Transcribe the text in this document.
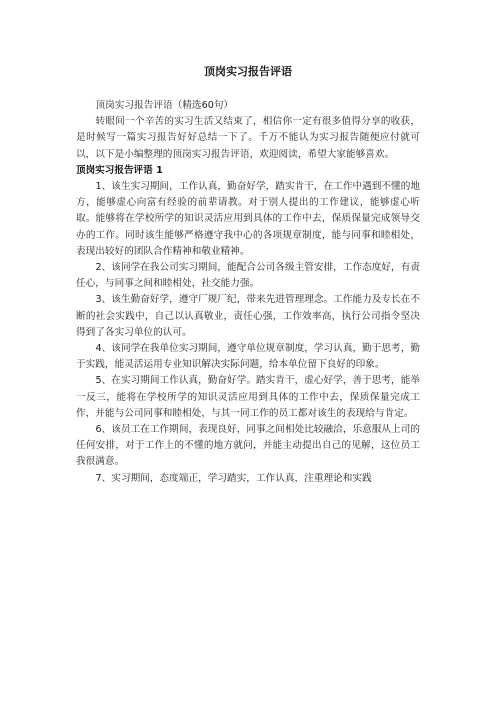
顶岗实习报告评语

顶岗实习报告评语（精选60句）

转眼间一个辛苦的实习生活又结束了，相信你一定有很多值得分享的收获，是时候写一篇实习报告好好总结一下了。千万不能认为实习报告随便应付就可以，以下是小编整理的顶岗实习报告评语，欢迎阅读，希望大家能够喜欢。

顶岗实习报告评语 1

1、该生实习期间，工作认真，勤奋好学，踏实肯干，在工作中遇到不懂的地方，能够虚心向富有经验的前辈请教。对于别人提出的工作建议，能够虚心听取。能够将在学校所学的知识灵活应用到具体的工作中去，保质保量完成领导交办的工作。同时该生能够严格遵守我中心的各项规章制度，能与同事和睦相处，表现出较好的团队合作精神和敬业精神。

2、该同学在我公司实习期间，能配合公司各级主管安排，工作态度好，有责任心，与同事之间和睦相处，社交能力强。

3、该生勤奋好学，遵守厂规厂纪，带来先进管理理念。工作能力及专长在不断的社会实践中，自己以认真敬业，责任心强，工作效率高，执行公司指令坚决得到了各实习单位的认可。

4、该同学在我单位实习期间，遵守单位规章制度，学习认真，勤于思考，勤于实践，能灵活运用专业知识解决实际问题，给本单位留下良好的印象。

5、在实习期间工作认真，勤奋好学。踏实肯干，虚心好学，善于思考，能举一反三，能将在学校所学的知识灵活应用到具体的工作中去，保质保量完成工作，并能与公司同事和睦相处，与其一同工作的员工都对该生的表现给与肯定。

6、该员工在工作期间，表现良好，同事之间相处比较融洽，乐意服从上司的任何安排，对于工作上的不懂的地方就问，并能主动提出自己的见解，这位员工我很满意。

7、实习期间，态度端正，学习踏实，工作认真，注重理论和实践
